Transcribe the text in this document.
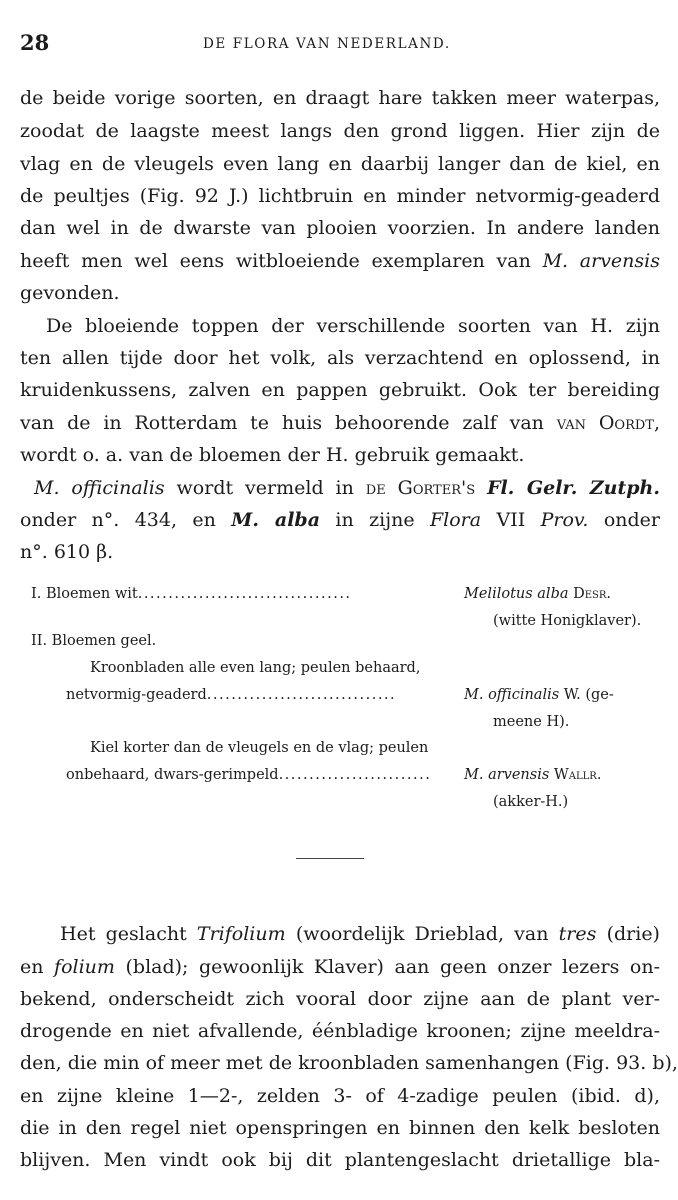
28	DE FLORA VAN NEDERLAND.
de beide vorige soorten, en draagt hare takken meer waterpas,
zoodat de laagste meest langs den grond liggen. Hier zijn de
vlag en de vleugels even lang en daarbij langer dan de kiel, en
de peultjes (Fig. 92 J.) lichtbruin en minder netvormig-geaderd
dan wel in de dwarste van plooien voorzien. In andere landen
heeft men wel eens witbloeiende exemplaren van M. arvensis
gevonden.
De bloeiende toppen der verschillende soorten van H. zijn
ten allen tijde door het volk, als verzachtend en oplossend, in
kruidenkussens, zalven en pappen gebruikt. Ook ter bereiding
van de in Rotterdam te huis behoorende zalf van van Oordt,
wordt o. a. van de bloemen der H. gebruik gemaakt.
M. officinalis wordt vermeld in de Gorter's Fl. Gelr. Zutph.
onder n°. 434, en M. alba in zijne Flora VII Prov. onder
n°. 610 β.
I. Bloemen wit...................................	Melilotus alba Desr.
(witte Honigklaver).
II. Bloemen geel.
Kroonbladen alle even lang; peulen behaard,
netvormig-geaderd...............................	M. officinalis W. (ge-
meene H).
Kiel korter dan de vleugels en de vlag; peulen
onbehaard, dwars-gerimpeld......................... M. arvensis Wallr.
(akker-H.)
Het geslacht Trifolium (woordelijk Drieblad, van tres (drie)
en folium (blad); gewoonlijk Klaver) aan geen onzer lezers on-
bekend, onderscheidt zich vooral door zijne aan de plant ver-
drogende en niet afvallende, éénbladige kroonen; zijne meeldra-
den, die min of meer met de kroonbladen samenhangen (Fig. 93. b),
en zijne kleine 1—2-, zelden 3- of 4-zadige peulen (ibid. d),
die in den regel niet openspringen en binnen den kelk besloten
blijven. Men vindt ook bij dit plantengeslacht drietallige bla-
